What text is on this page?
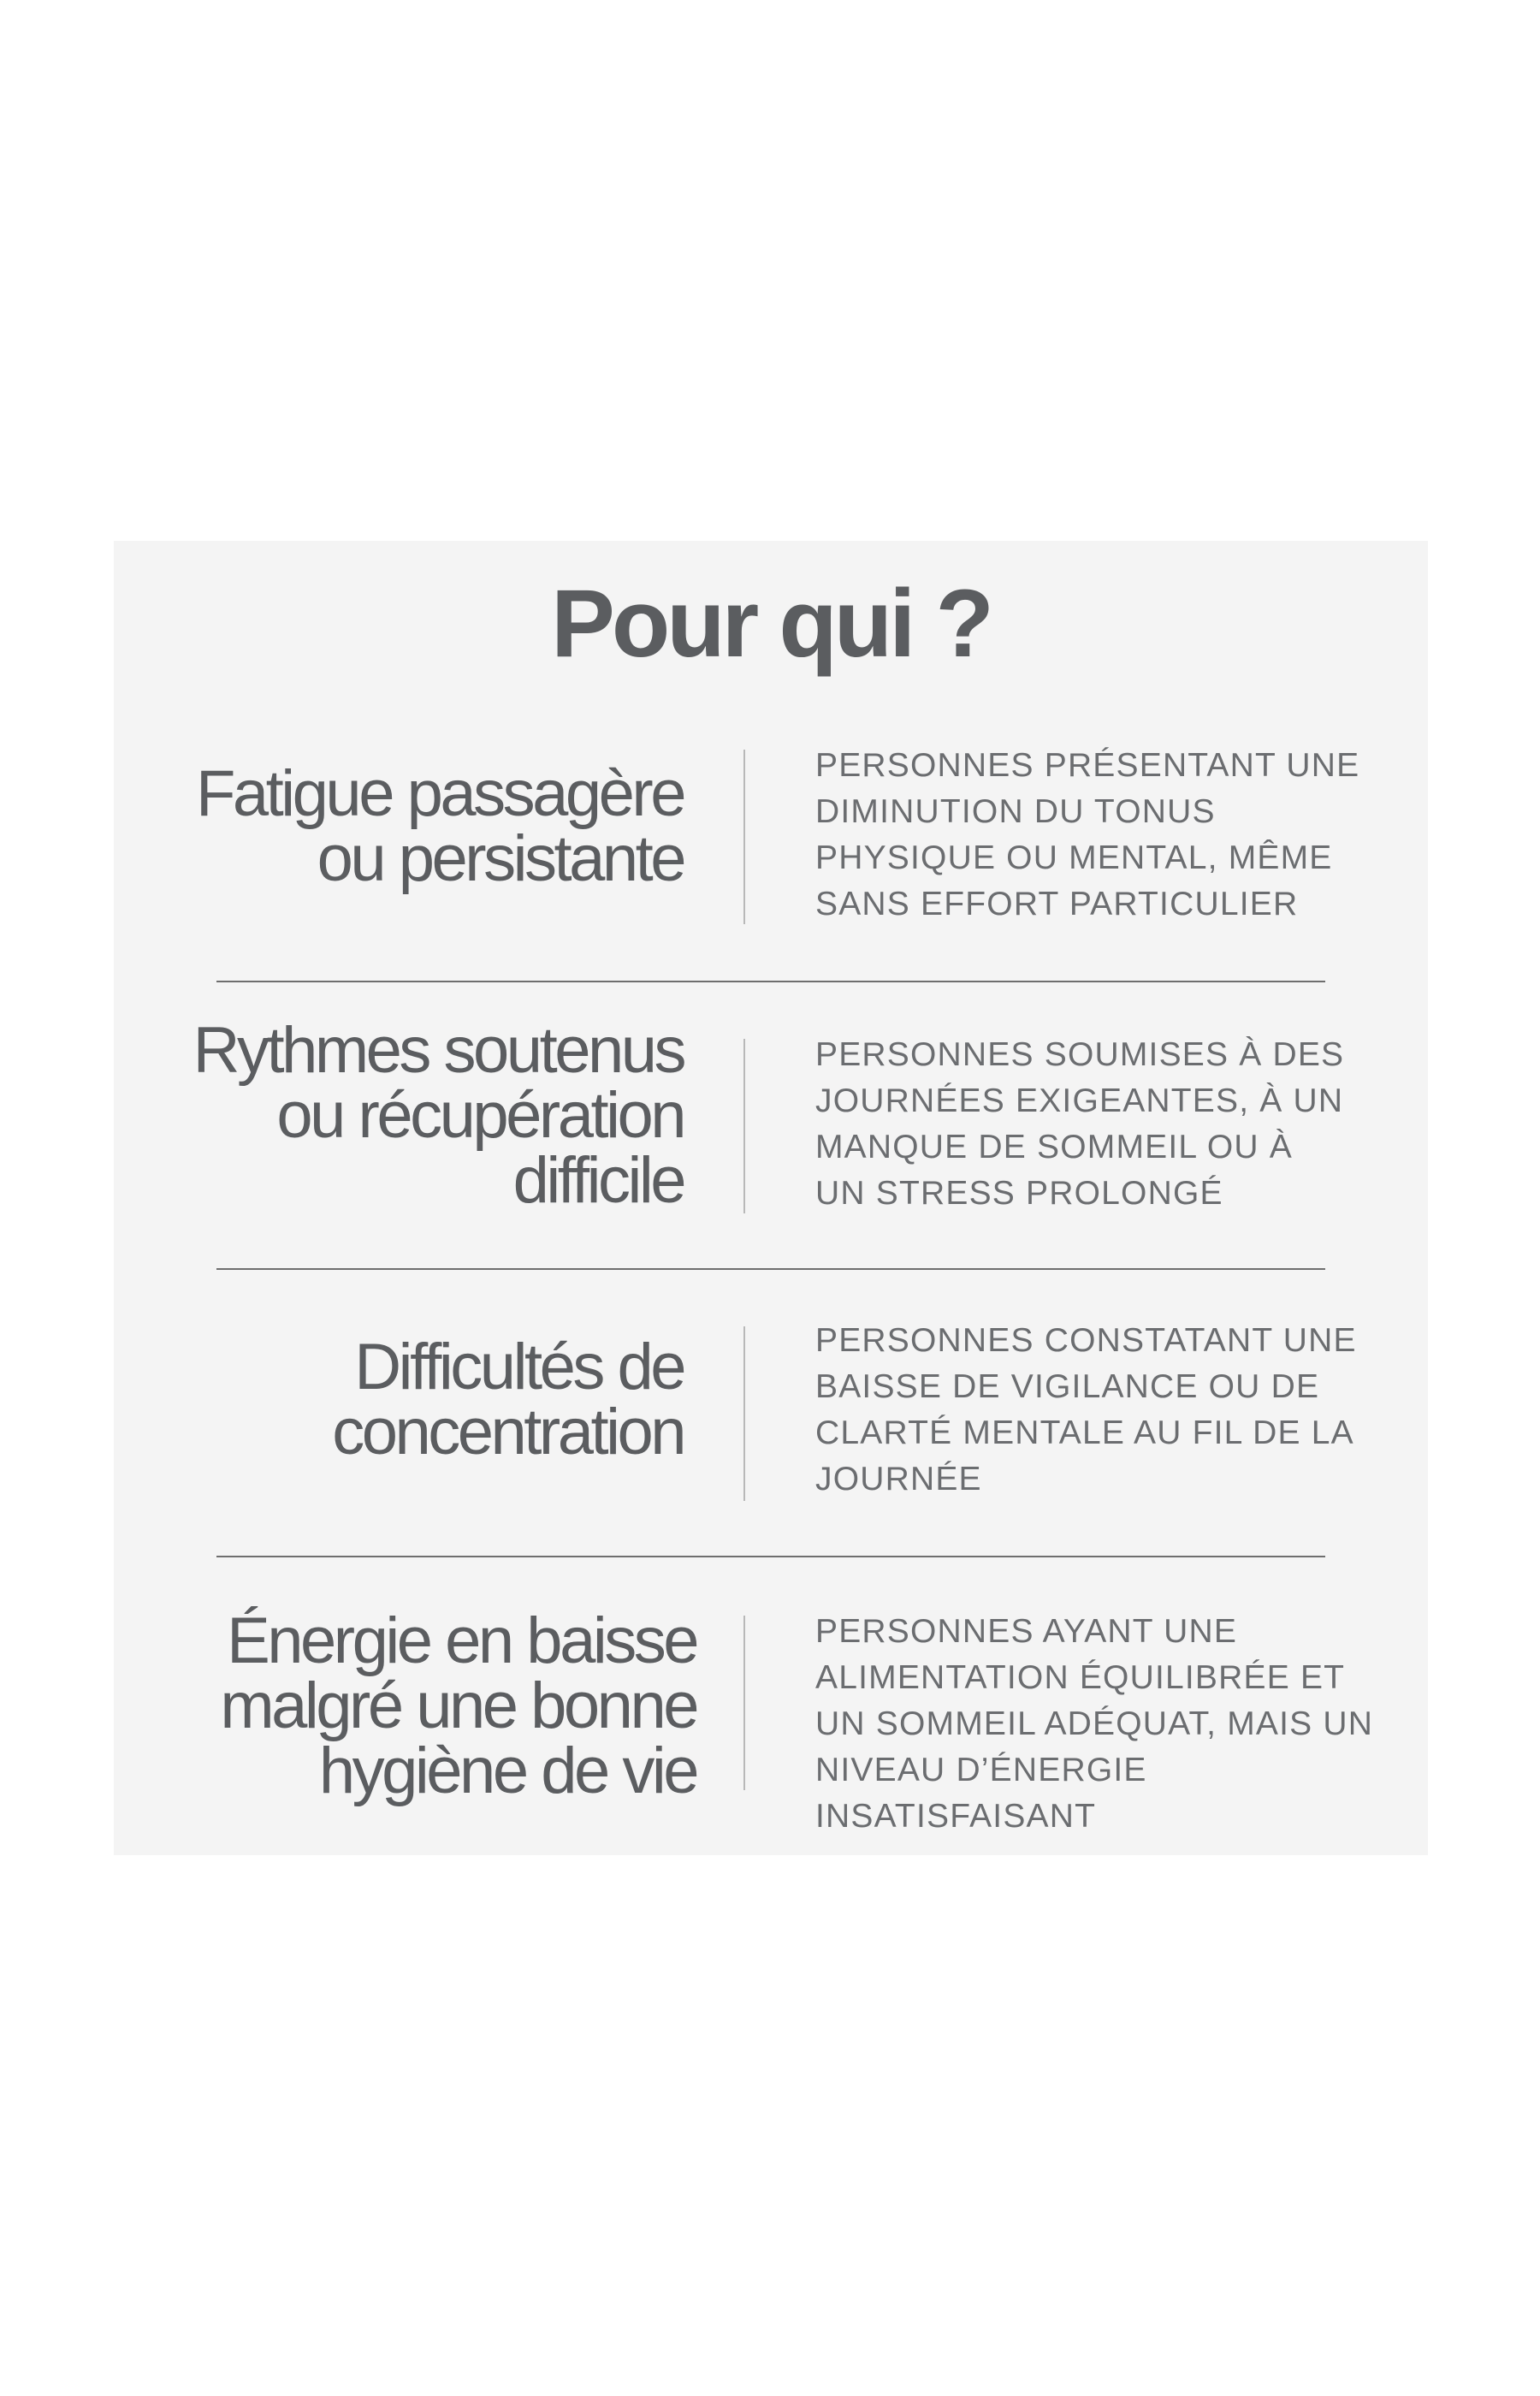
Pour qui ?

Fatigue passagère
ou persistante

PERSONNES PRÉSENTANT UNE
DIMINUTION DU TONUS
PHYSIQUE OU MENTAL, MÊME
SANS EFFORT PARTICULIER

Rythmes soutenus
ou récupération
difficile

PERSONNES SOUMISES À DES
JOURNÉES EXIGEANTES, À UN
MANQUE DE SOMMEIL OU À
UN STRESS PROLONGÉ

Difficultés de
concentration

PERSONNES CONSTATANT UNE
BAISSE DE VIGILANCE OU DE
CLARTÉ MENTALE AU FIL DE LA
JOURNÉE

Énergie en baisse
malgré une bonne
hygiène de vie

PERSONNES AYANT UNE
ALIMENTATION ÉQUILIBRÉE ET
UN SOMMEIL ADÉQUAT, MAIS UN
NIVEAU D’ÉNERGIE INSATISFAISANT
